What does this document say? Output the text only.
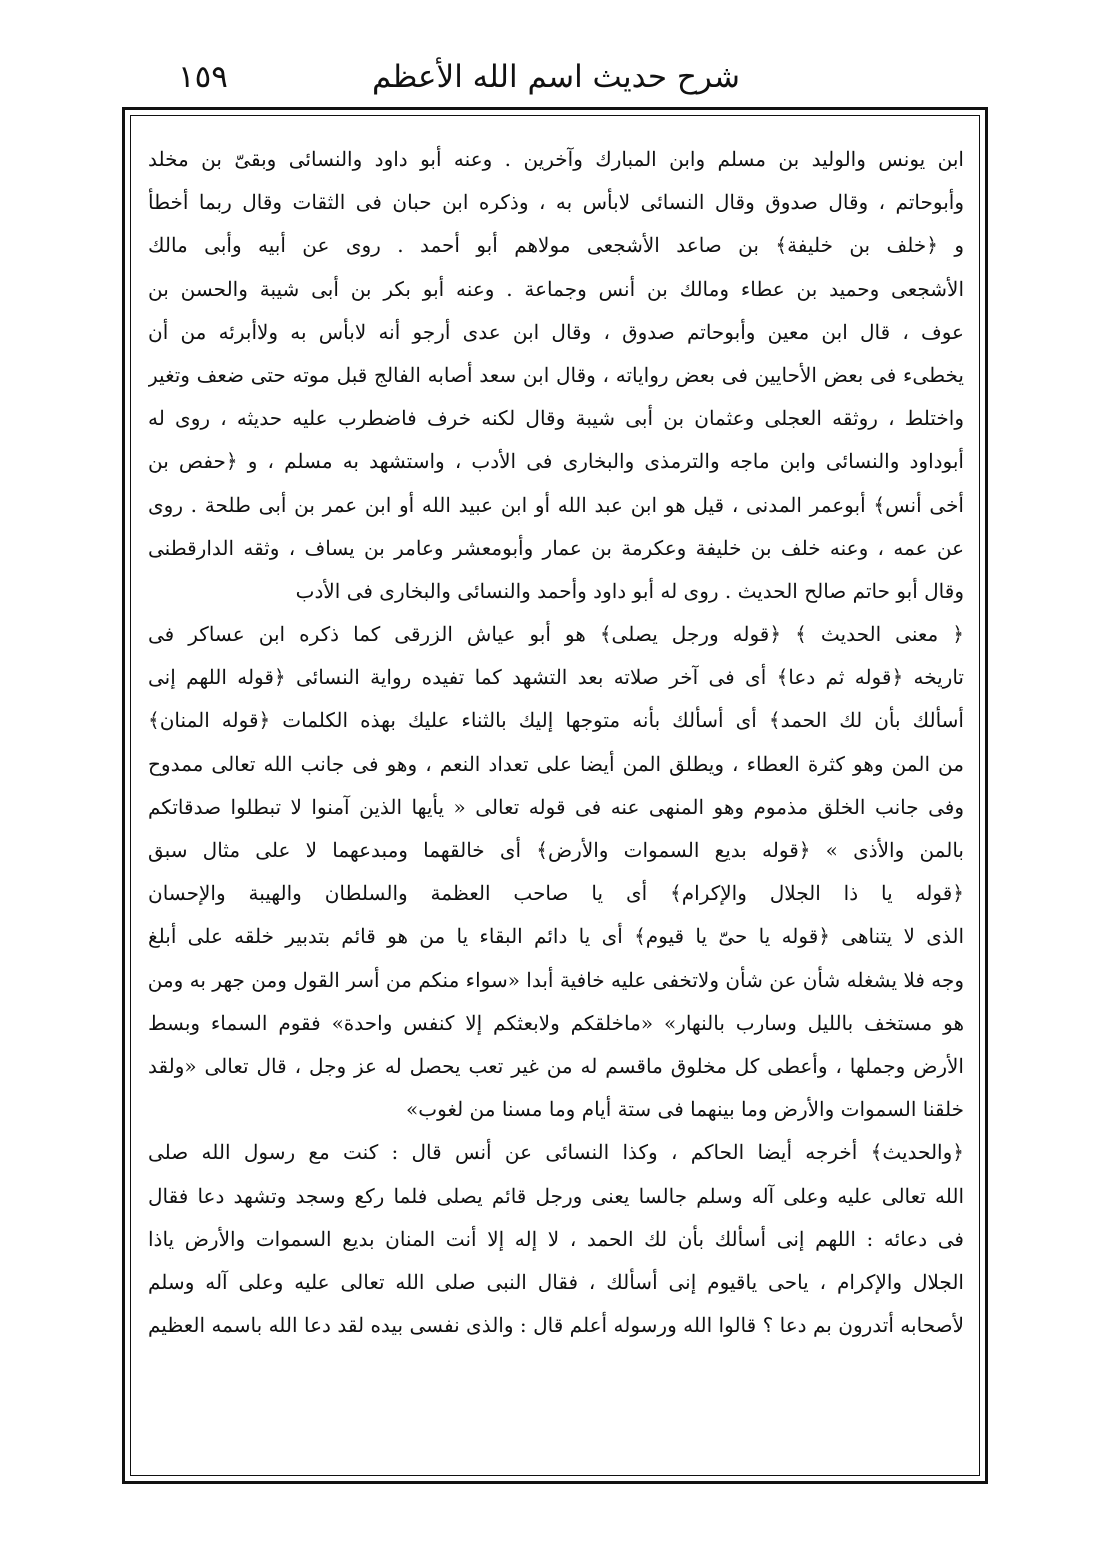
شرح حديث اسم الله الأعظم
١٥٩
ابن يونس والوليد بن مسلم وابن المبارك وآخرين . وعنه أبو داود والنسائى وبقىّ بن مخلد
وأبوحاتم ، وقال صدوق وقال النسائى لابأس به ، وذكره ابن حبان فى الثقات وقال ربما أخطأ
و ﴿خلف بن خليفة﴾ بن صاعد الأشجعى مولاهم أبو أحمد . روى عن أبيه وأبى مالك
الأشجعى وحميد بن عطاء ومالك بن أنس وجماعة . وعنه أبو بكر بن أبى شيبة والحسن بن
عوف ، قال ابن معين وأبوحاتم صدوق ، وقال ابن عدى أرجو أنه لابأس به ولاأبرئه من أن
يخطىء فى بعض الأحايين فى بعض رواياته ، وقال ابن سعد أصابه الفالج قبل موته حتى ضعف وتغير
واختلط ، روثقه العجلى وعثمان بن أبى شيبة وقال لكنه خرف فاضطرب عليه حديثه ، روى له
أبوداود والنسائى وابن ماجه والترمذى والبخارى فى الأدب ، واستشهد به مسلم ، و ﴿حفص بن
أخى أنس﴾ أبوعمر المدنى ، قيل هو ابن عبد الله أو ابن عبيد الله أو ابن عمر بن أبى طلحة . روى
عن عمه ، وعنه خلف بن خليفة وعكرمة بن عمار وأبومعشر وعامر بن يساف ، وثقه الدارقطنى
وقال أبو حاتم صالح الحديث . روى له أبو داود وأحمد والنسائى والبخارى فى الأدب
﴿ معنى الحديث ﴾ ﴿قوله ورجل يصلى﴾ هو أبو عياش الزرقى كما ذكره ابن عساكر فى
تاريخه ﴿قوله ثم دعا﴾ أى فى آخر صلاته بعد التشهد كما تفيده رواية النسائى ﴿قوله اللهم إنى
أسألك بأن لك الحمد﴾ أى أسألك بأنه متوجها إليك بالثناء عليك بهذه الكلمات ﴿قوله المنان﴾
من المن وهو كثرة العطاء ، ويطلق المن أيضا على تعداد النعم ، وهو فى جانب الله تعالى ممدوح
وفى جانب الخلق مذموم وهو المنهى عنه فى قوله تعالى « يأيها الذين آمنوا لا تبطلوا صدقاتكم
بالمن والأذى » ﴿قوله بديع السموات والأرض﴾ أى خالقهما ومبدعهما لا على مثال سبق
﴿قوله يا ذا الجلال والإكرام﴾ أى يا صاحب العظمة والسلطان والهيبة والإحسان
الذى لا يتناهى ﴿قوله يا حىّ يا قيوم﴾ أى يا دائم البقاء يا من هو قائم بتدبير خلقه على أبلغ
وجه فلا يشغله شأن عن شأن ولاتخفى عليه خافية أبدا «سواء منكم من أسر القول ومن جهر به ومن
هو مستخف بالليل وسارب بالنهار» «ماخلقكم ولابعثكم إلا كنفس واحدة» فقوم السماء وبسط
الأرض وجملها ، وأعطى كل مخلوق ماقسم له من غير تعب يحصل له عز وجل ، قال تعالى «ولقد
خلقنا السموات والأرض وما بينهما فى ستة أيام وما مسنا من لغوب»
﴿والحديث﴾ أخرجه أيضا الحاكم ، وكذا النسائى عن أنس قال : كنت مع رسول الله صلى
الله تعالى عليه وعلى آله وسلم جالسا يعنى ورجل قائم يصلى فلما ركع وسجد وتشهد دعا فقال
فى دعائه : اللهم إنى أسألك بأن لك الحمد ، لا إله إلا أنت المنان بديع السموات والأرض ياذا
الجلال والإكرام ، ياحى ياقيوم إنى أسألك ، فقال النبى صلى الله تعالى عليه وعلى آله وسلم
لأصحابه أتدرون بم دعا ؟ قالوا الله ورسوله أعلم قال : والذى نفسى بيده لقد دعا الله باسمه العظيم
